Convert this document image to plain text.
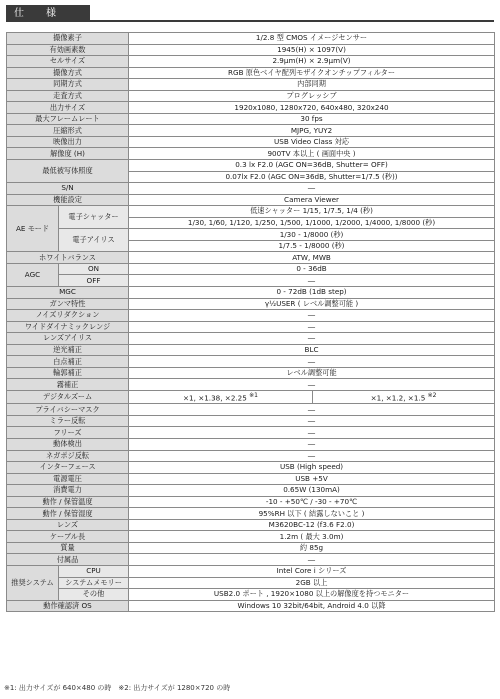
仕　様
撮像素子		1/2.8 型 CMOS イメージセンサー	
有効画素数		1945(H) × 1097(V)	
セルサイズ		2.9μm(H) × 2.9μm(V)	
撮像方式		RGB 原色ベイヤ配列モザイクオンチップフィルター	
同期方式		内部同期	
走査方式		プログレッシブ	
出力サイズ		1920x1080, 1280x720, 640x480, 320x240	
最大フレームレート		30 fps	
圧縮形式		MJPG, YUY2	
映像出力		USB Video Class 対応	
解像度 (H)		900TV 本以上 ( 画面中央 )	
最低被写体照度		0.3 lx F2.0 (AGC ON=36dB, Shutter= OFF)	
		0.07lx F2.0 (AGC ON=36dB, Shutter=1/7.5 (秒))	
S/N		―	
機能設定		Camera Viewer	
AE モード	電子シャッター	低速シャッター 1/15, 1/7.5, 1/4 (秒)	
		1/30, 1/60, 1/120, 1/250, 1/500, 1/1000, 1/2000, 1/4000, 1/8000 (秒)	
	電子アイリス	1/30 - 1/8000 (秒)	
		1/7.5 - 1/8000 (秒)	
ホワイトバランス		ATW, MWB	
AGC	ON	0 - 36dB	
	OFF	―	
MGC		0 - 72dB (1dB step)	
ガンマ特性		γ½USER ( レベル調整可能 )	
ノイズリダクション		―	
ワイドダイナミックレンジ		―	
レンズアイリス		―	
逆光補正		BLC	
白点補正		―	
輪郭補正		レベル調整可能	
霧補正		―	
デジタルズーム		×1, ×1.38, ×2.25 $^{※1}$	×1, ×1.2, ×1.5 $^{※2}$
プライバシーマスク		―	
ミラー反転		―	
フリーズ		―	
動体検出		―	
ネガポジ反転		―	
インターフェース		USB (High speed)	
電源電圧		USB +5V	
消費電力		0.65W (130mA)	
動作 / 保管温度		-10 - +50℃ / -30 - +70℃	
動作 / 保管湿度		95%RH 以下 ( 結露しないこと )	
レンズ		M3620BC-12 (f3.6 F2.0)	
ケーブル長		1.2m ( 最大 3.0m)	
質量		約 85g	
付属品		―	
推奨システム	CPU	Intel Core i シリーズ	
	システムメモリー	2GB 以上	
	その他	USB2.0 ポート , 1920×1080 以上の解像度を持つモニター	
動作確認済 OS		Windows 10 32bit/64bit, Android 4.0 以降	
※1: 出力サイズが 640×480 の時　※2: 出力サイズが 1280×720 の時
